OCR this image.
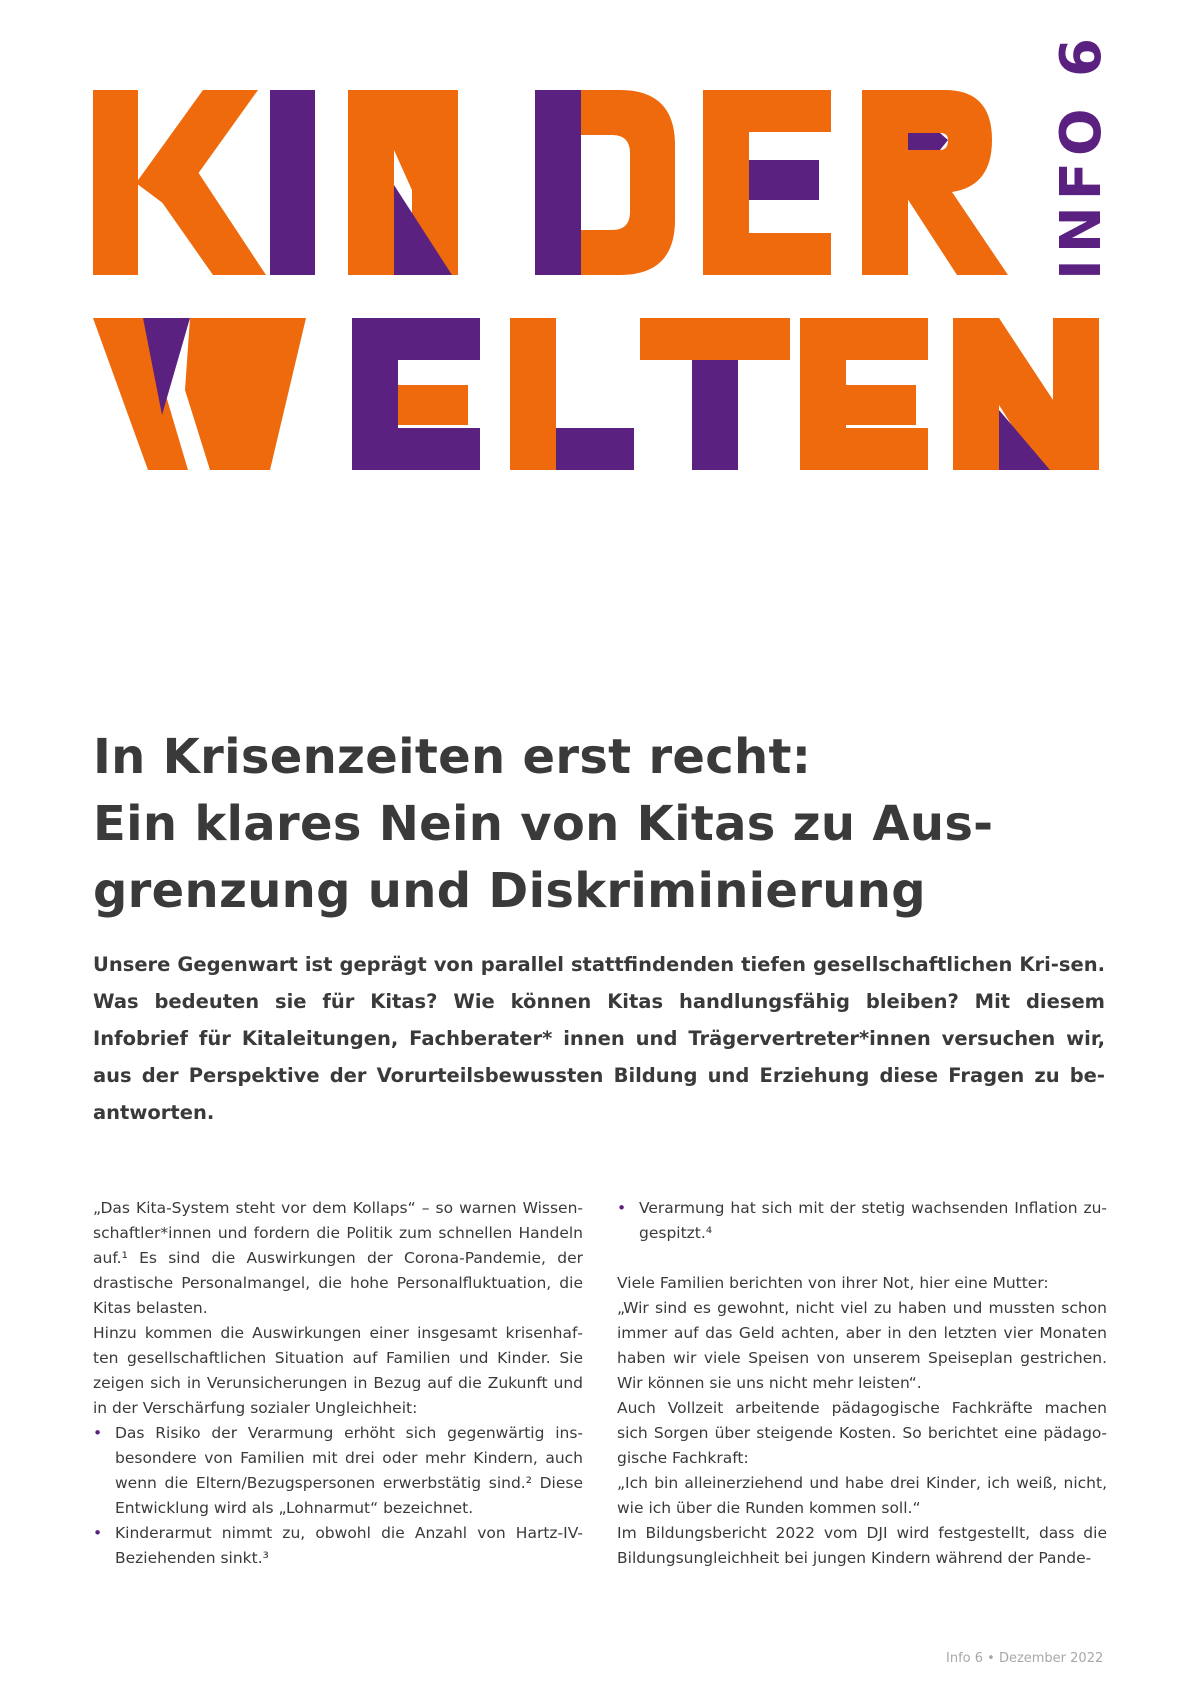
INFO 6
In Krisenzeiten erst recht:
Ein klares Nein von Kitas zu Aus-
grenzung und Diskriminierung

Unsere Gegenwart ist geprägt von parallel stattfindenden tiefen gesellschaftlichen Kri-sen. Was bedeuten sie für Kitas? Wie können Kitas handlungsfähig bleiben? Mit diesem Infobrief für Kitaleitungen, Fachberater* innen und Trägervertreter*innen versuchen wir, aus der Perspektive der Vorurteilsbewussten Bildung und Erziehung diese Fragen zu be-antworten.

„Das Kita-System steht vor dem Kollaps“ – so warnen Wissenschaftler*innen und fordern die Politik zum schnellen Handeln auf.¹ Es sind die Auswirkungen der Corona-Pandemie, der drastische Personalmangel, die hohe Personalfluktuation, die Kitas belasten.

Hinzu kommen die Auswirkungen einer insgesamt krisenhaften gesellschaftlichen Situation auf Familien und Kinder. Sie zeigen sich in Verunsicherungen in Bezug auf die Zukunft und in der Verschärfung sozialer Ungleichheit:

• Das Risiko der Verarmung erhöht sich gegenwärtig insbesondere von Familien mit drei oder mehr Kindern, auch wenn die Eltern/Bezugspersonen erwerbstätig sind.² Diese Entwicklung wird als „Lohnarmut“ bezeichnet.
• Kinderarmut nimmt zu, obwohl die Anzahl von Hartz-IV-Beziehenden sinkt.³
• Verarmung hat sich mit der stetig wachsenden Inflation zugespitzt.⁴

Viele Familien berichten von ihrer Not, hier eine Mutter:

„Wir sind es gewohnt, nicht viel zu haben und mussten schon immer auf das Geld achten, aber in den letzten vier Monaten haben wir viele Speisen von unserem Speiseplan gestrichen. Wir können sie uns nicht mehr leisten“.

Auch Vollzeit arbeitende pädagogische Fachkräfte machen sich Sorgen über steigende Kosten. So berichtet eine pädagogische Fachkraft:

„Ich bin alleinerziehend und habe drei Kinder, ich weiß, nicht, wie ich über die Runden kommen soll.“

Im Bildungsbericht 2022 vom DJI wird festgestellt, dass die Bildungsungleichheit bei jungen Kindern während der Pande-

Info 6 • Dezember 2022
